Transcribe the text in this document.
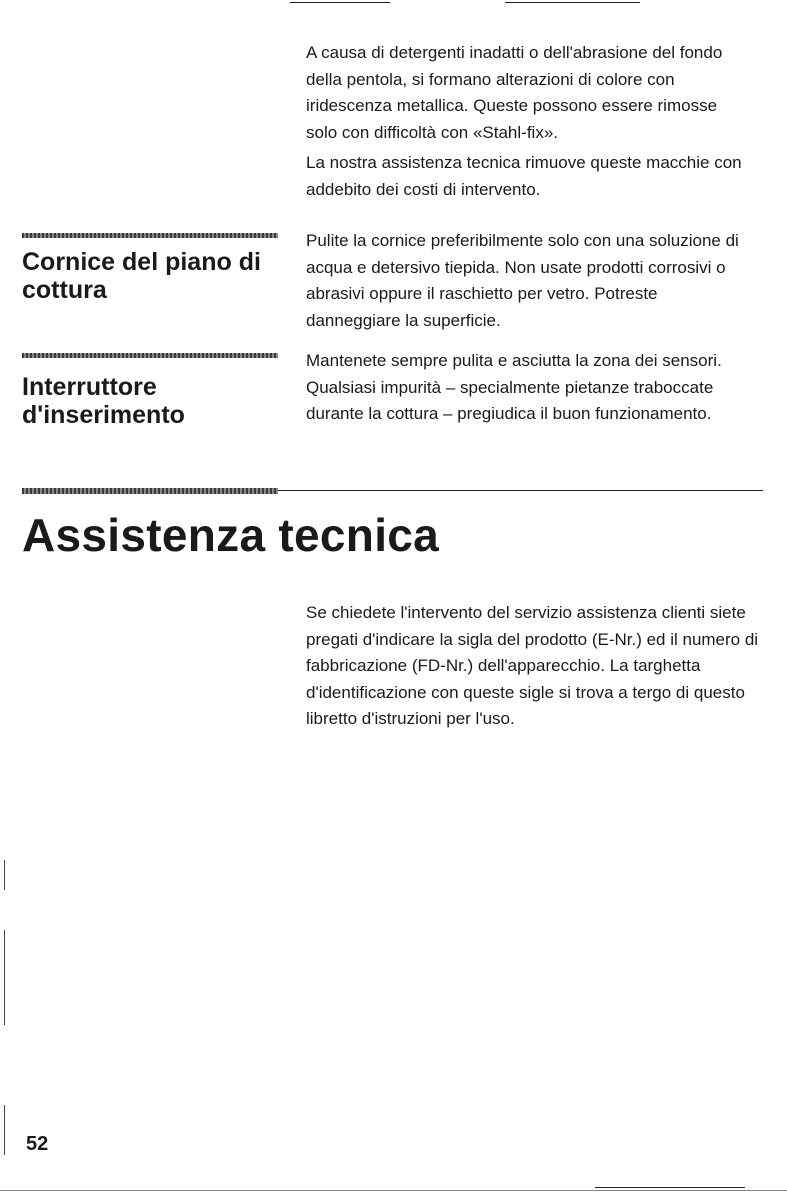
A causa di detergenti inadatti o dell'abrasione del fondo della pentola, si formano alterazioni di colore con iridescenza metallica. Queste possono essere rimosse solo con difficoltà con «Stahl-fix».

La nostra assistenza tecnica rimuove queste macchie con addebito dei costi di intervento.

Cornice del piano di cottura

Pulite la cornice preferibilmente solo con una soluzione di acqua e detersivo tiepida. Non usate prodotti corrosivi o abrasivi oppure il raschietto per vetro. Potreste danneggiare la superficie.

Interruttore d'inserimento

Mantenete sempre pulita e asciutta la zona dei sensori. Qualsiasi impurità – specialmente pietanze traboccate durante la cottura – pregiudica il buon funzionamento.

Assistenza tecnica

Se chiedete l'intervento del servizio assistenza clienti siete pregati d'indicare la sigla del prodotto (E-Nr.) ed il numero di fabbricazione (FD-Nr.) dell'apparecchio. La targhetta d'identificazione con queste sigle si trova a tergo di questo libretto d'istruzioni per l'uso.

52
